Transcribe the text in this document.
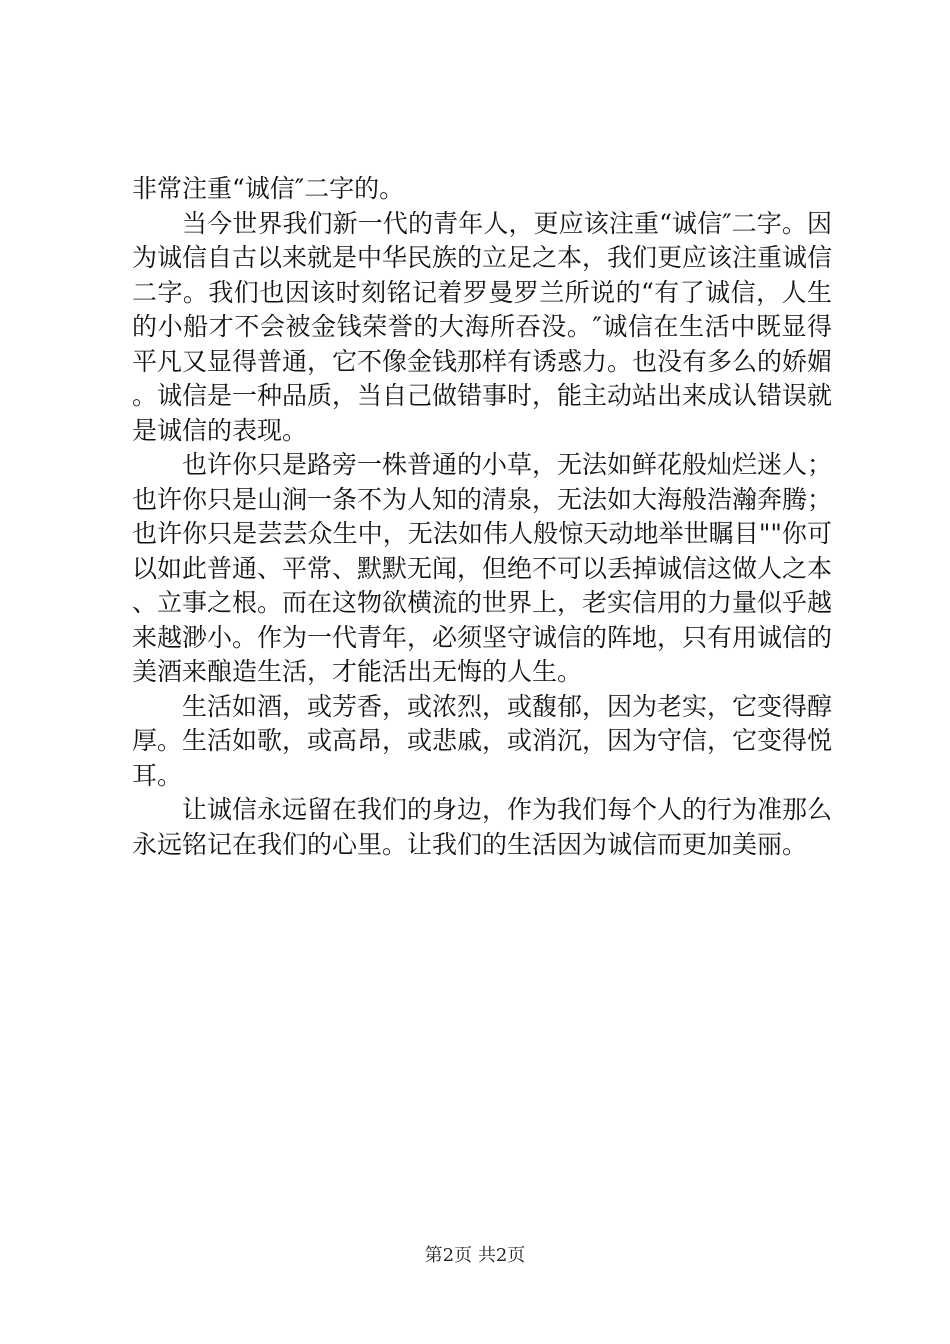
非常注重“诚信″二字的。

当今世界我们新一代的青年人，更应该注重“诚信″二字。因为诚信自古以来就是中华民族的立足之本，我们更应该注重诚信二字。我们也因该时刻铭记着罗曼罗兰所说的“有了诚信，人生的小船才不会被金钱荣誉的大海所吞没。″诚信在生活中既显得平凡又显得普通，它不像金钱那样有诱惑力。也没有多么的娇媚。诚信是一种品质，当自己做错事时，能主动站出来成认错误就是诚信的表现。

也许你只是路旁一株普通的小草，无法如鲜花般灿烂迷人；也许你只是山涧一条不为人知的清泉，无法如大海般浩瀚奔腾；也许你只是芸芸众生中，无法如伟人般惊天动地举世瞩目""你可以如此普通、平常、默默无闻，但绝不可以丢掉诚信这做人之本、立事之根。而在这物欲横流的世界上，老实信用的力量似乎越来越渺小。作为一代青年，必须坚守诚信的阵地，只有用诚信的美酒来酿造生活，才能活出无悔的人生。

生活如酒，或芳香，或浓烈，或馥郁，因为老实，它变得醇厚。生活如歌，或高昂，或悲戚，或消沉，因为守信，它变得悦耳。

让诚信永远留在我们的身边，作为我们每个人的行为准那么永远铭记在我们的心里。让我们的生活因为诚信而更加美丽。

第2页 共2页
